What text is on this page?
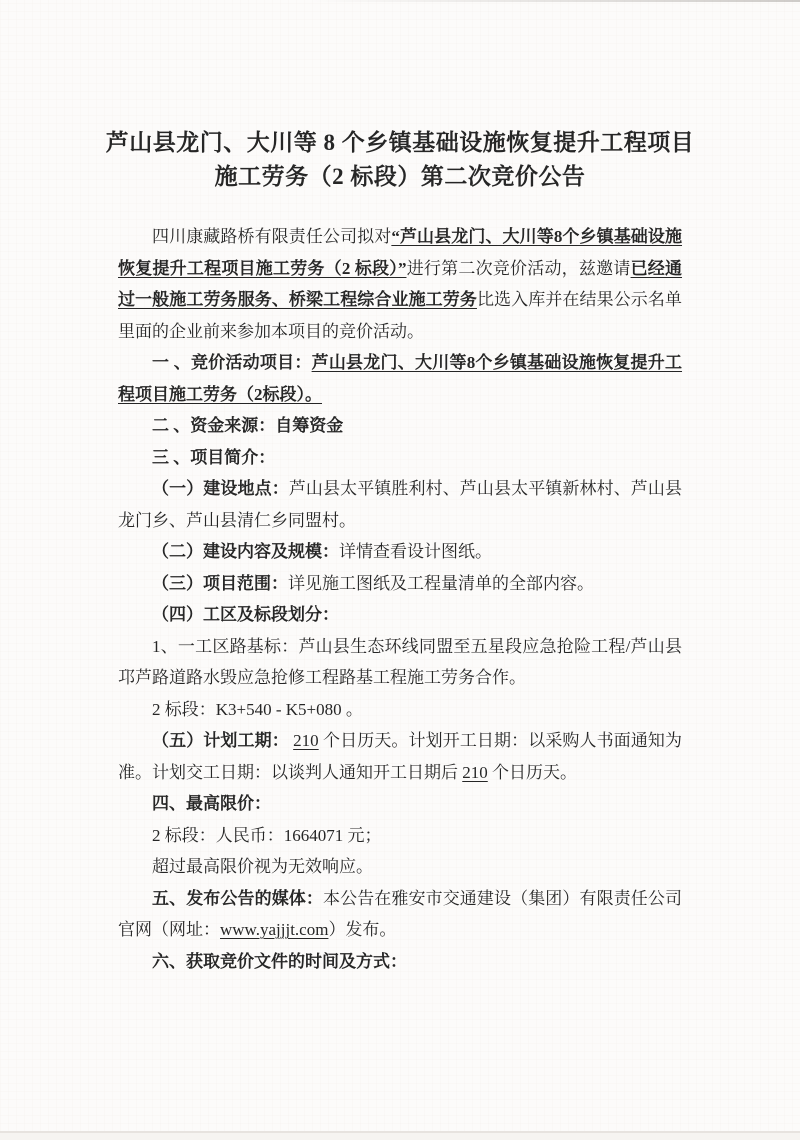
芦山县龙门、大川等 8 个乡镇基础设施恢复提升工程项目
施工劳务（2 标段）第二次竞价公告

四川康藏路桥有限责任公司拟对“芦山县龙门、大川等8个乡镇基础设施恢复提升工程项目施工劳务（2 标段）”进行第二次竞价活动，兹邀请已经通过一般施工劳务服务、桥梁工程综合业施工劳务比选入库并在结果公示名单里面的企业前来参加本项目的竞价活动。

一 、竞价活动项目：芦山县龙门、大川等8个乡镇基础设施恢复提升工程项目施工劳务（2标段）。

二 、资金来源：自筹资金

三 、项目简介：

（一）建设地点：芦山县太平镇胜利村、芦山县太平镇新林村、芦山县龙门乡、芦山县清仁乡同盟村。

（二）建设内容及规模：详情查看设计图纸。

（三）项目范围：详见施工图纸及工程量清单的全部内容。

（四）工区及标段划分：

1、一工区路基标：芦山县生态环线同盟至五星段应急抢险工程/芦山县邛芦路道路水毁应急抢修工程路基工程施工劳务合作。

2 标段：K3+540 - K5+080 。

（五）计划工期： 210 个日历天。计划开工日期：以采购人书面通知为准。计划交工日期：以谈判人通知开工日期后 210 个日历天。

四、最高限价：

2 标段：人民币：1664071 元；

超过最高限价视为无效响应。

五、发布公告的媒体：本公告在雅安市交通建设（集团）有限责任公司官网（网址：www.yajjjt.com）发布。

六、获取竞价文件的时间及方式：
